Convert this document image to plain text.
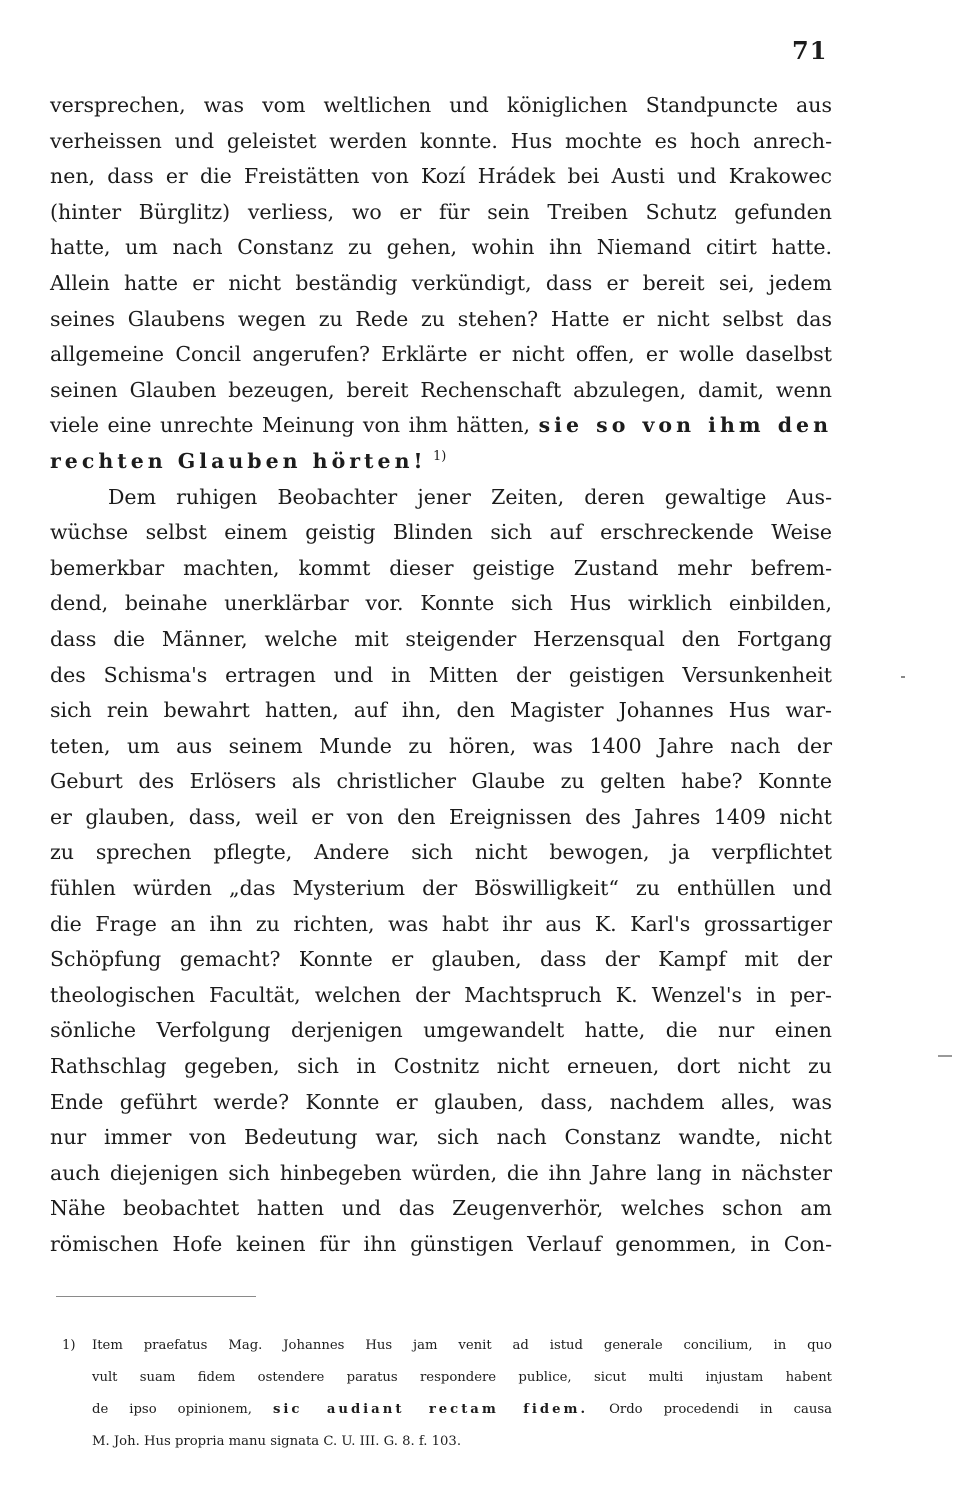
71
versprechen, was vom weltlichen und königlichen Standpuncte aus
verheissen und geleistet werden konnte. Hus mochte es hoch anrech-
nen, dass er die Freistätten von Kozí Hrádek bei Austi und Krakowec
(hinter Bürglitz) verliess, wo er für sein Treiben Schutz gefunden
hatte, um nach Constanz zu gehen, wohin ihn Niemand citirt hatte.
Allein hatte er nicht beständig verkündigt, dass er bereit sei, jedem
seines Glaubens wegen zu Rede zu stehen? Hatte er nicht selbst das
allgemeine Concil angerufen? Erklärte er nicht offen, er wolle daselbst
seinen Glauben bezeugen, bereit Rechenschaft abzulegen, damit, wenn
viele eine unrechte Meinung von ihm hätten, sie so von ihm den
rechten Glauben hörten! $^{1)}$
Dem ruhigen Beobachter jener Zeiten, deren gewaltige Aus-
wüchse selbst einem geistig Blinden sich auf erschreckende Weise
bemerkbar machten, kommt dieser geistige Zustand mehr befrem-
dend, beinahe unerklärbar vor. Konnte sich Hus wirklich einbilden,
dass die Männer, welche mit steigender Herzensqual den Fortgang
des Schisma's ertragen und in Mitten der geistigen Versunkenheit
sich rein bewahrt hatten, auf ihn, den Magister Johannes Hus war-
teten, um aus seinem Munde zu hören, was 1400 Jahre nach der
Geburt des Erlösers als christlicher Glaube zu gelten habe? Konnte
er glauben, dass, weil er von den Ereignissen des Jahres 1409 nicht
zu sprechen pflegte, Andere sich nicht bewogen, ja verpflichtet
fühlen würden „das Mysterium der Böswilligkeit“ zu enthüllen und
die Frage an ihn zu richten, was habt ihr aus K. Karl's grossartiger
Schöpfung gemacht? Konnte er glauben, dass der Kampf mit der
theologischen Facultät, welchen der Machtspruch K. Wenzel's in per-
sönliche Verfolgung derjenigen umgewandelt hatte, die nur einen
Rathschlag gegeben, sich in Costnitz nicht erneuen, dort nicht zu
Ende geführt werde? Konnte er glauben, dass, nachdem alles, was
nur immer von Bedeutung war, sich nach Constanz wandte, nicht
auch diejenigen sich hinbegeben würden, die ihn Jahre lang in nächster
Nähe beobachtet hatten und das Zeugenverhör, welches schon am
römischen Hofe keinen für ihn günstigen Verlauf genommen, in Con-
1) Item praefatus Mag. Johannes Hus jam venit ad istud generale concilium, in quo
vult suam fidem ostendere paratus respondere publice, sicut multi injustam habent
de ipso opinionem, sic audiant rectam fidem. Ordo procedendi in causa
M. Joh. Hus propria manu signata C. U. III. G. 8. f. 103.
